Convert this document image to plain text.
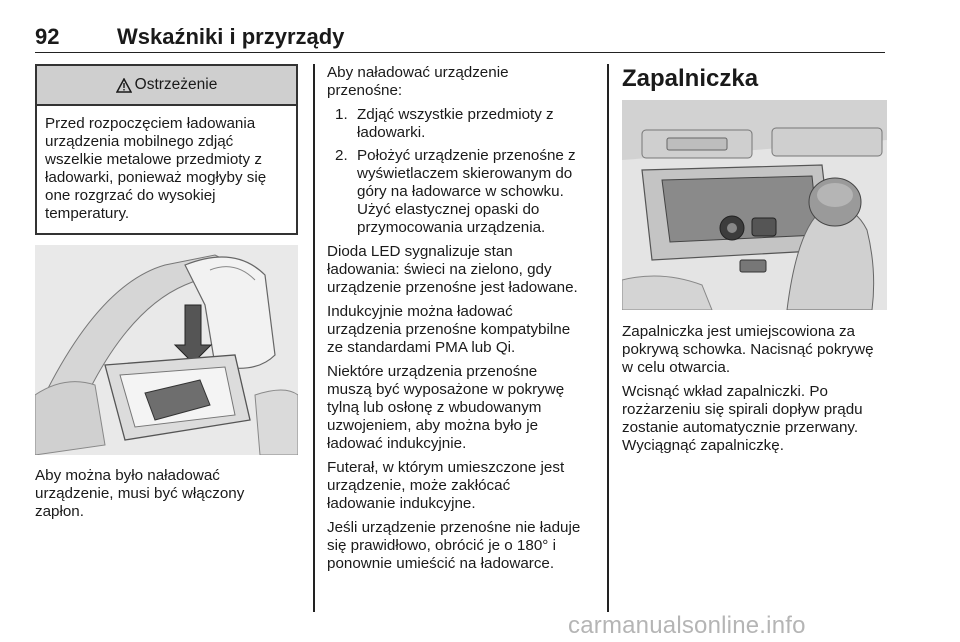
92	Wskaźniki i przyrządy
Ostrzeżenie
Przed rozpoczęciem ładowania
urządzenia mobilnego zdjąć
wszelkie metalowe przedmioty z
ładowarki, ponieważ mogłyby się
one rozgrzać do wysokiej
temperatury.
Aby można było naładować
urządzenie, musi być włączony
zapłon.
Aby naładować urządzenie
przenośne:
1. Zdjąć wszystkie przedmioty z
ładowarki.
2. Położyć urządzenie przenośne z
wyświetlaczem skierowanym do
góry na ładowarce w schowku.
Użyć elastycznej opaski do
przymocowania urządzenia.
Dioda LED sygnalizuje stan
ładowania: świeci na zielono, gdy
urządzenie przenośne jest ładowane.
Indukcyjnie można ładować
urządzenia przenośne kompatybilne
ze standardami PMA lub Qi.
Niektóre urządzenia przenośne
muszą być wyposażone w pokrywę
tylną lub osłonę z wbudowanym
uzwojeniem, aby można było je
ładować indukcyjnie.
Futerał, w którym umieszczone jest
urządzenie, może zakłócać
ładowanie indukcyjne.
Jeśli urządzenie przenośne nie ładuje
się prawidłowo, obrócić je o 180° i
ponownie umieścić na ładowarce.
Zapalniczka
Zapalniczka jest umiejscowiona za
pokrywą schowka. Nacisnąć pokrywę
w celu otwarcia.
Wcisnąć wkład zapalniczki. Po
rozżarzeniu się spirali dopływ prądu
zostanie automatycznie przerwany.
Wyciągnąć zapalniczkę.
carmanualsonline.info
